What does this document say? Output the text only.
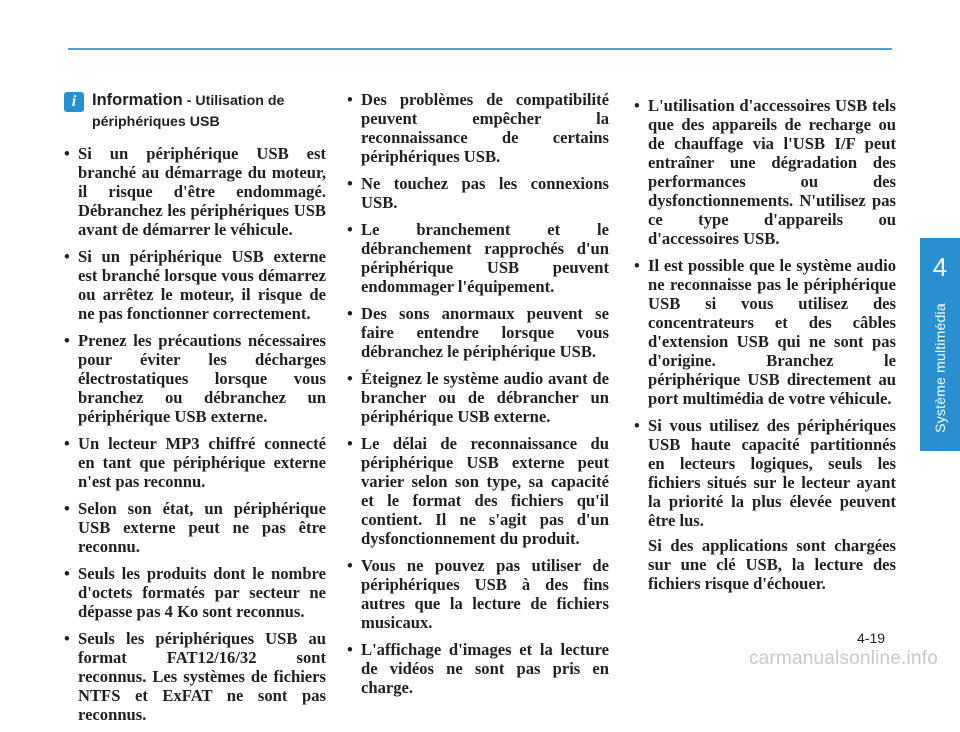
4
Système multimédia
i Information - Utilisation de
périphériques USB
• Si un périphérique USB est branché au démarrage du moteur, il risque d'être endommagé. Débranchez les périphériques USB avant de démarrer le véhicule.
• Si un périphérique USB externe est branché lorsque vous démarrez ou arrêtez le moteur, il risque de ne pas fonctionner correctement.
• Prenez les précautions nécessaires pour éviter les décharges électrostatiques lorsque vous branchez ou débranchez un périphérique USB externe.
• Un lecteur MP3 chiffré connecté en tant que périphérique externe n'est pas reconnu.
• Selon son état, un périphérique USB externe peut ne pas être reconnu.
• Seuls les produits dont le nombre d'octets formatés par secteur ne dépasse pas 4 Ko sont reconnus.
• Seuls les périphériques USB au format FAT12/16/32 sont reconnus. Les systèmes de fichiers NTFS et ExFAT ne sont pas reconnus.
• Des problèmes de compatibilité peuvent empêcher la reconnaissance de certains périphériques USB.
• Ne touchez pas les connexions USB.
• Le branchement et le débranchement rapprochés d'un périphérique USB peuvent endommager l'équipement.
• Des sons anormaux peuvent se faire entendre lorsque vous débranchez le périphérique USB.
• Éteignez le système audio avant de brancher ou de débrancher un périphérique USB externe.
• Le délai de reconnaissance du périphérique USB externe peut varier selon son type, sa capacité et le format des fichiers qu'il contient. Il ne s'agit pas d'un dysfonctionnement du produit.
• Vous ne pouvez pas utiliser de périphériques USB à des fins autres que la lecture de fichiers musicaux.
• L'affichage d'images et la lecture de vidéos ne sont pas pris en charge.
• L'utilisation d'accessoires USB tels que des appareils de recharge ou de chauffage via l'USB I/F peut entraîner une dégradation des performances ou des dysfonctionnements. N'utilisez pas ce type d'appareils ou d'accessoires USB.
• Il est possible que le système audio ne reconnaisse pas le périphérique USB si vous utilisez des concentrateurs et des câbles d'extension USB qui ne sont pas d'origine. Branchez le périphérique USB directement au port multimédia de votre véhicule.
• Si vous utilisez des périphériques USB haute capacité partitionnés en lecteurs logiques, seuls les fichiers situés sur le lecteur ayant la priorité la plus élevée peuvent être lus.
Si des applications sont chargées sur une clé USB, la lecture des fichiers risque d'échouer.
4-19
carmanualsonline.info
